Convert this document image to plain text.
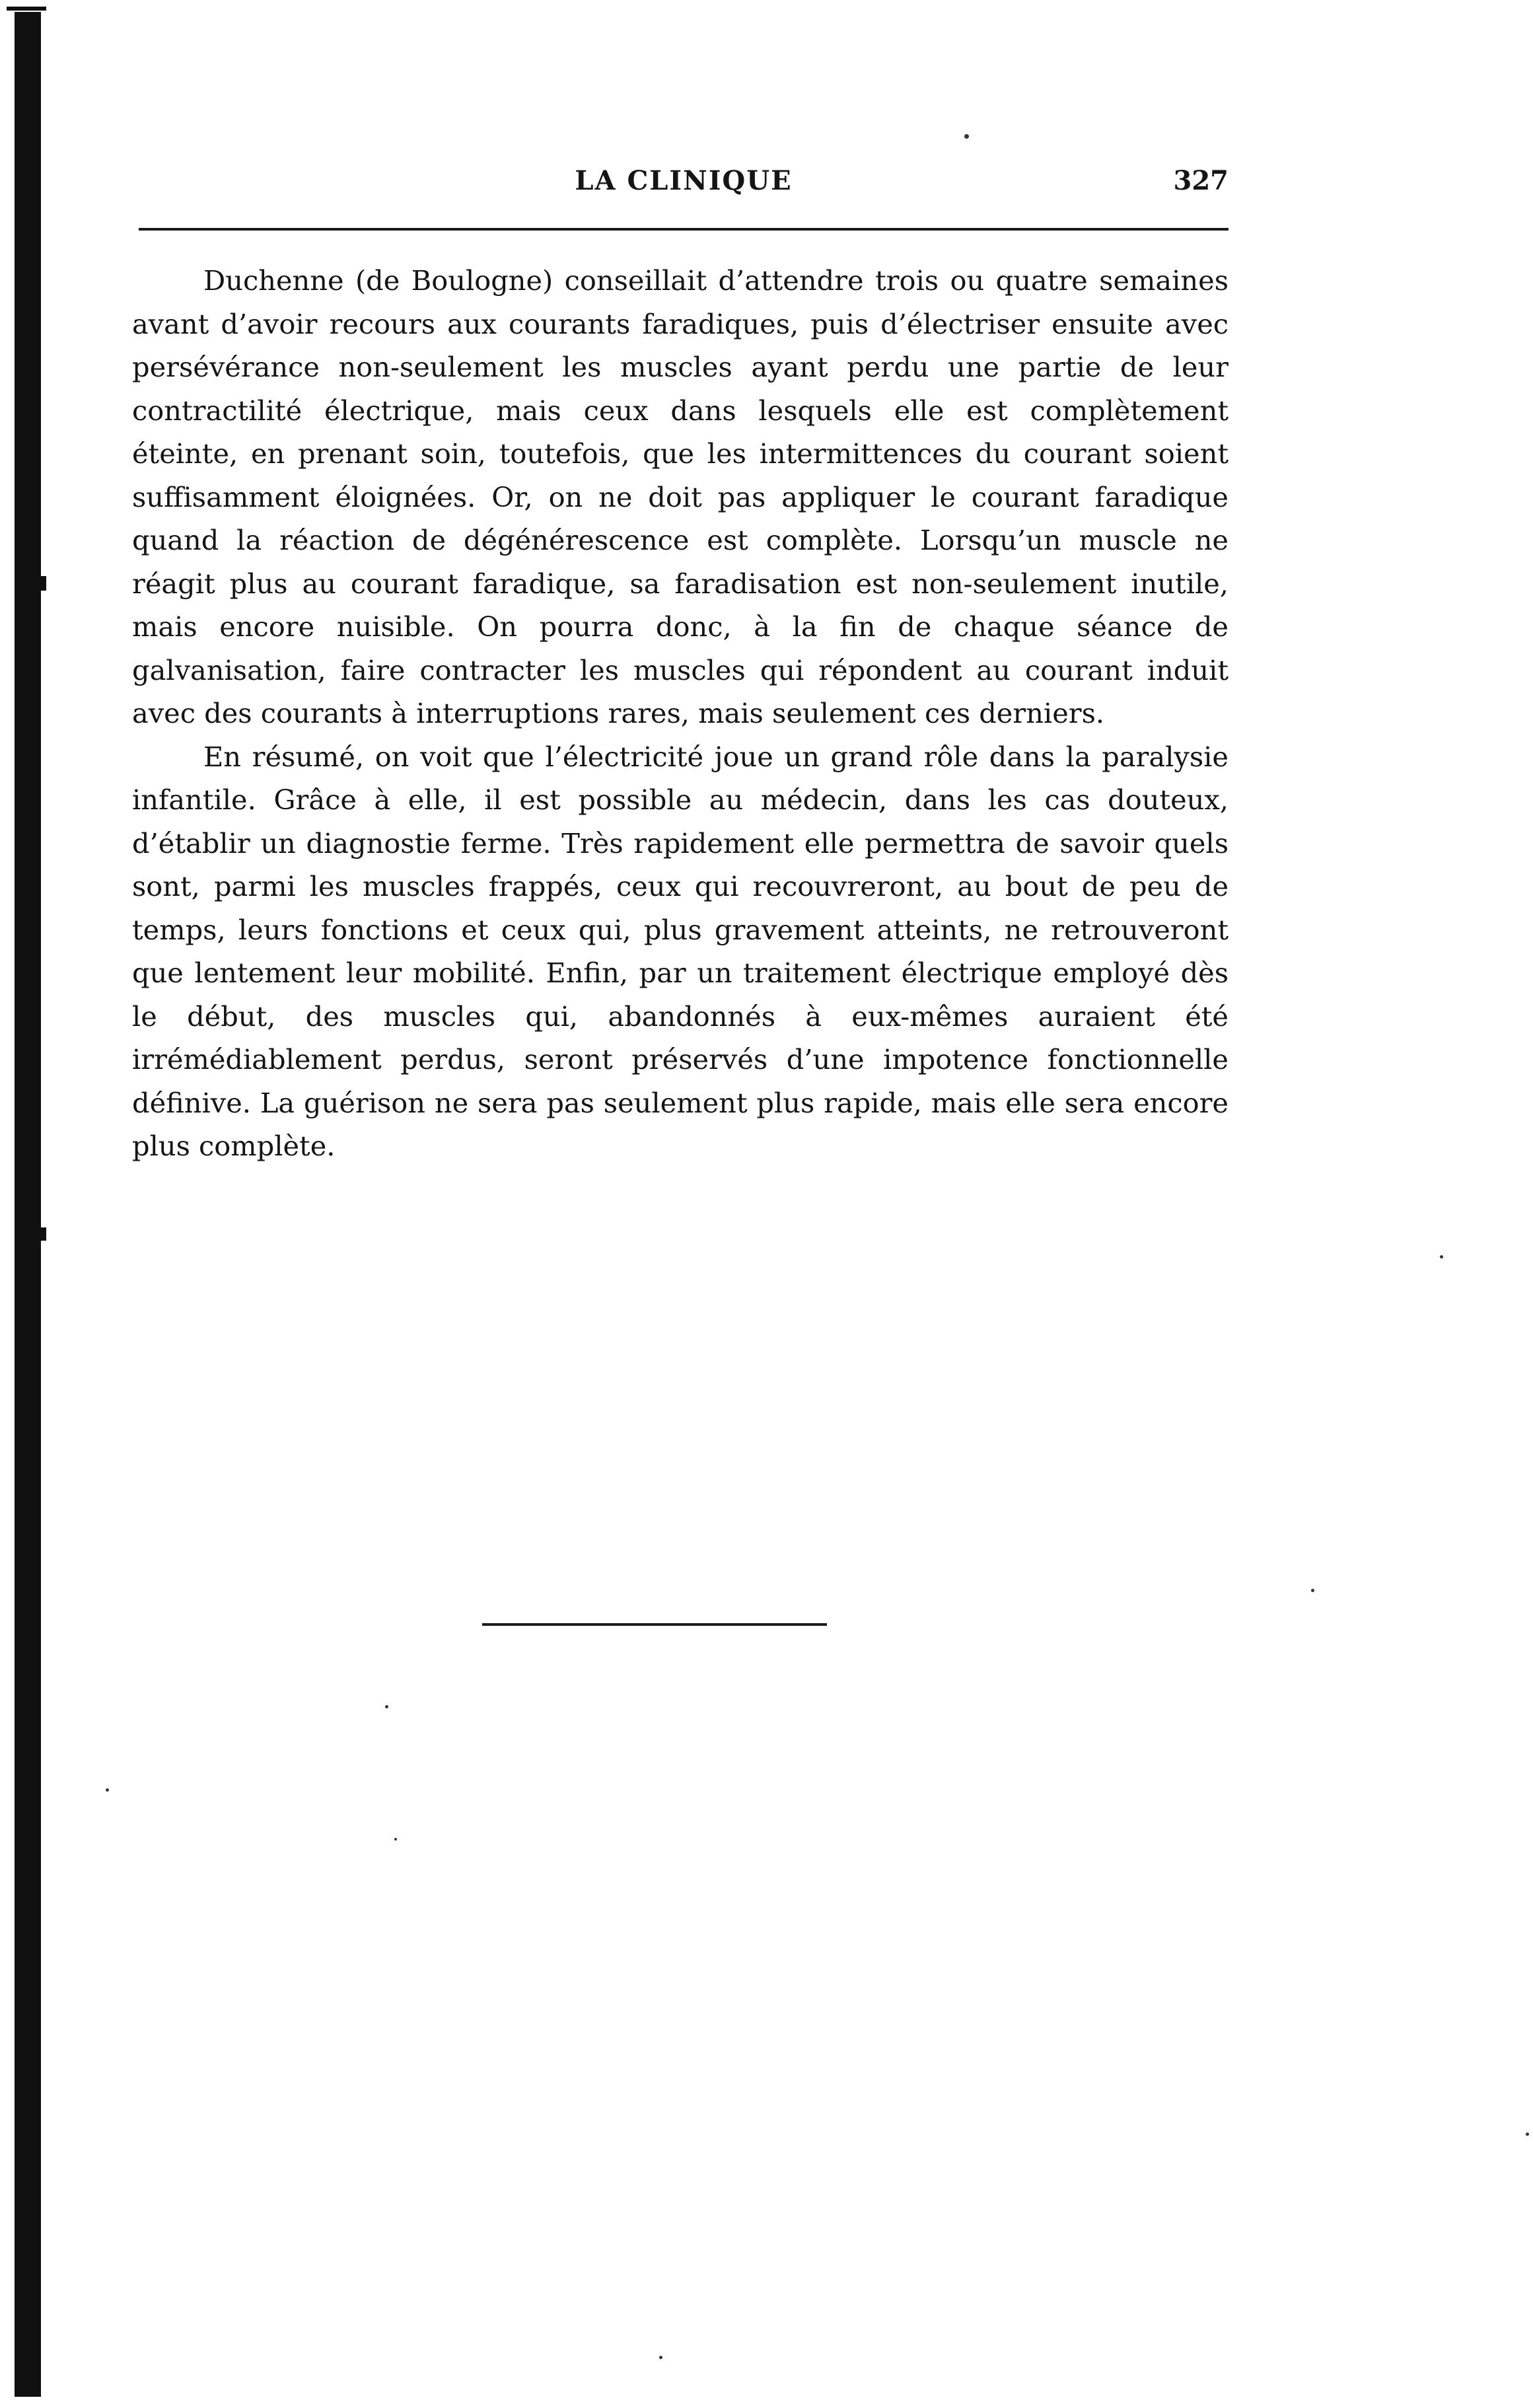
LA CLINIQUE	327

Duchenne (de Boulogne) conseillait d’attendre trois ou quatre semaines avant d’avoir recours aux courants faradiques, puis d’électriser ensuite avec persévérance non-seulement les muscles ayant perdu une partie de leur contractilité électrique, mais ceux dans lesquels elle est complètement éteinte, en prenant soin, toutefois, que les intermittences du courant soient suffisamment éloignées. Or, on ne doit pas appliquer le courant faradique quand la réaction de dégénérescence est complète. Lorsqu’un muscle ne réagit plus au courant faradique, sa faradisation est non-seulement inutile, mais encore nuisible. On pourra donc, à la fin de chaque séance de galvanisation, faire contracter les muscles qui répondent au courant induit avec des courants à interruptions rares, mais seulement ces derniers.

En résumé, on voit que l’électricité joue un grand rôle dans la paralysie infantile. Grâce à elle, il est possible au médecin, dans les cas douteux, d’établir un diagnostie ferme. Très rapidement elle permettra de savoir quels sont, parmi les muscles frappés, ceux qui recouvreront, au bout de peu de temps, leurs fonctions et ceux qui, plus gravement atteints, ne retrouveront que lentement leur mobilité. Enfin, par un traitement électrique employé dès le début, des muscles qui, abandonnés à eux-mêmes auraient été irrémédiablement perdus, seront préservés d’une impotence fonctionnelle définive. La guérison ne sera pas seulement plus rapide, mais elle sera encore plus complète.
